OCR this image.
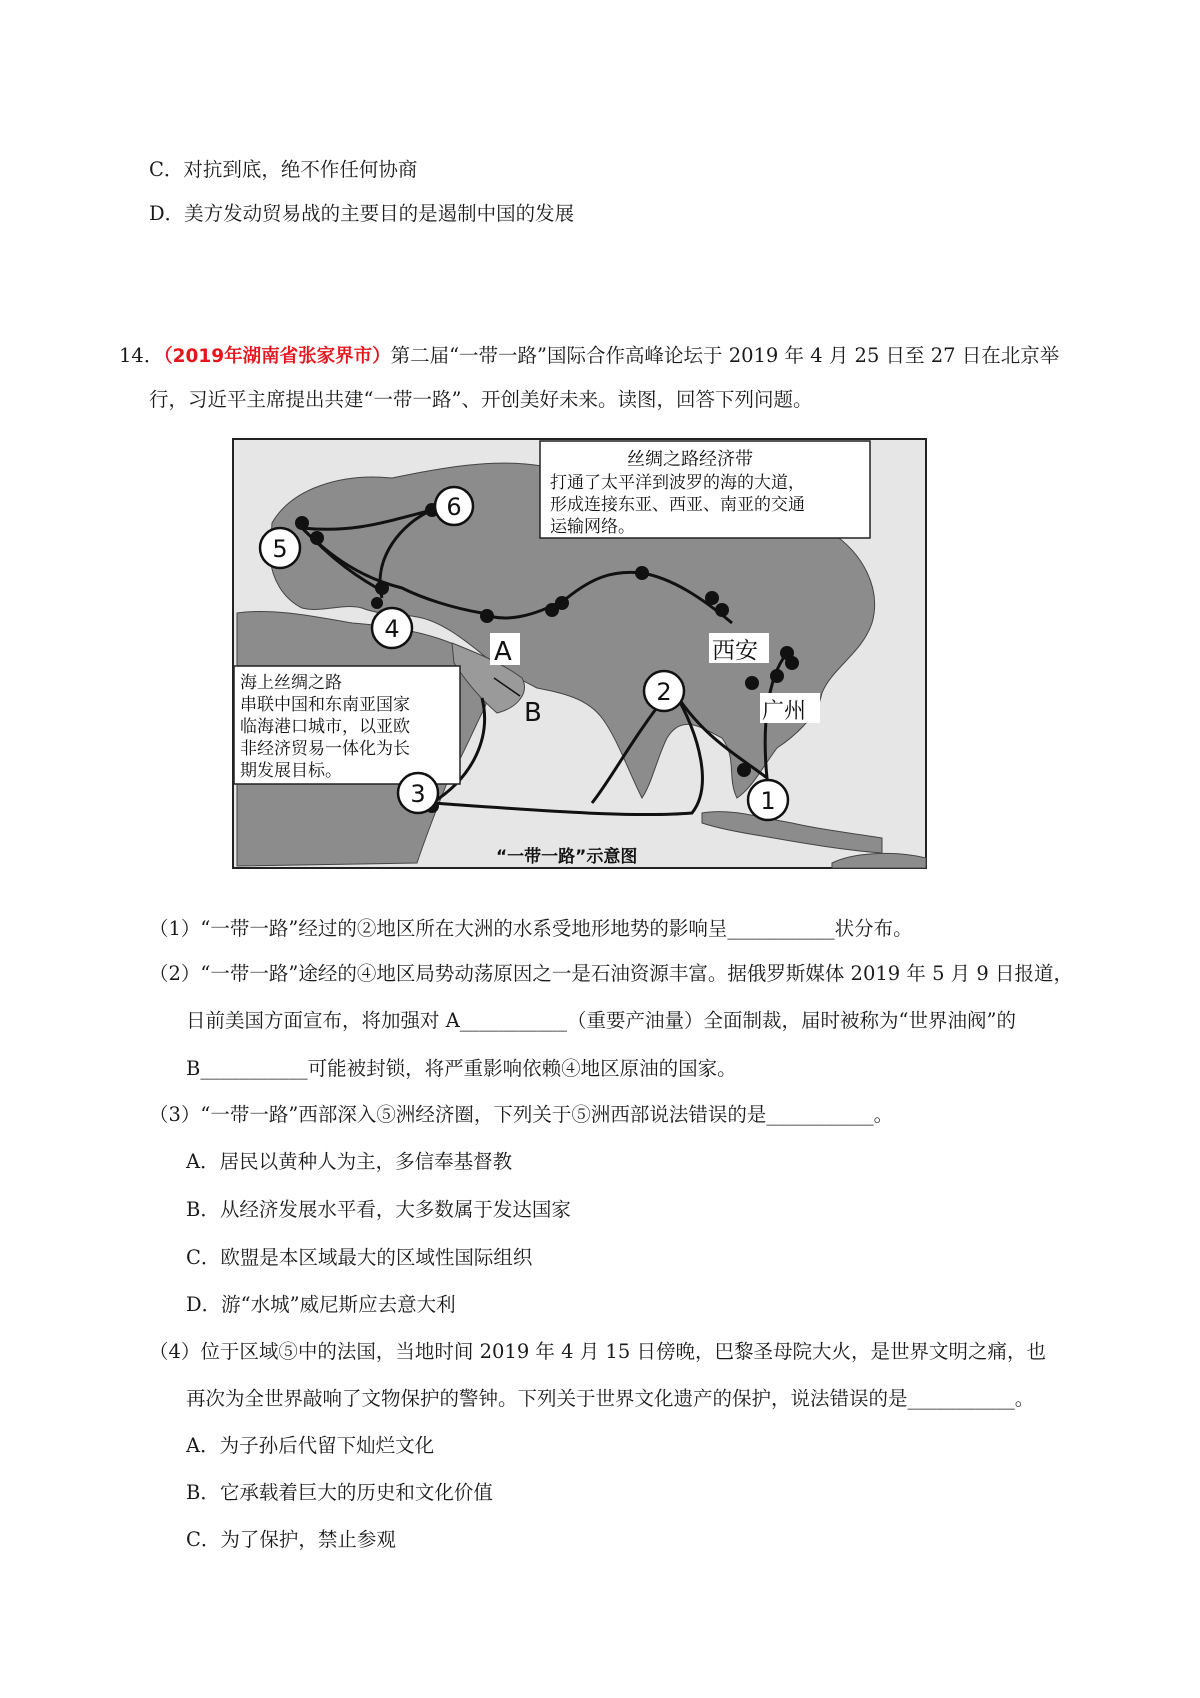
C．对抗到底，绝不作任何协商
D．美方发动贸易战的主要目的是遏制中国的发展
14．（2019年湖南省张家界市）第二届“一带一路”国际合作高峰论坛于 2019 年 4 月 25 日至 27 日在北京举
行，习近平主席提出共建“一带一路”、开创美好未来。读图，回答下列问题。
丝绸之路经济带
打通了太平洋到波罗的海的大道，
形成连接东亚、西亚、南亚的交通
运输网络。
海上丝绸之路
串联中国和东南亚国家
临海港口城市，以亚欧
非经济贸易一体化为长
期发展目标。
5
6
4
2
3	1
A
B
西安
广州
“一带一路”示意图
（1）“一带一路”经过的②地区所在大洲的水系受地形地势的影响呈___________状分布。
（2）“一带一路”途经的④地区局势动荡原因之一是石油资源丰富。据俄罗斯媒体 2019 年 5 月 9 日报道，
日前美国方面宣布，将加强对 A___________（重要产油量）全面制裁，届时被称为“世界油阀”的
B___________可能被封锁，将严重影响依赖④地区原油的国家。
（3）“一带一路”西部深入⑤洲经济圈，下列关于⑤洲西部说法错误的是___________。
A．居民以黄种人为主，多信奉基督教
B．从经济发展水平看，大多数属于发达国家
C．欧盟是本区域最大的区域性国际组织
D．游“水城”威尼斯应去意大利
（4）位于区域⑤中的法国，当地时间 2019 年 4 月 15 日傍晚，巴黎圣母院大火，是世界文明之痛，也
再次为全世界敲响了文物保护的警钟。下列关于世界文化遗产的保护，说法错误的是___________。
A．为子孙后代留下灿烂文化
B．它承载着巨大的历史和文化价值
C．为了保护，禁止参观
